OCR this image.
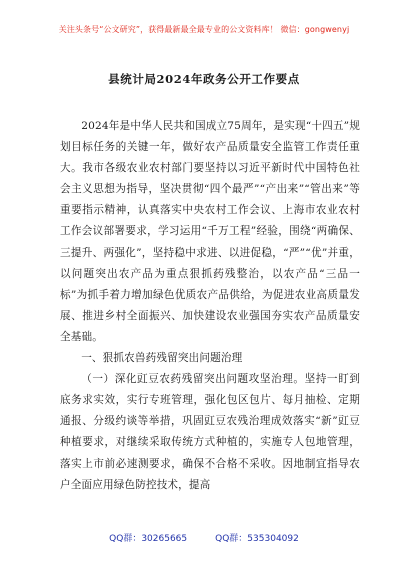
关注头条号“公文研究”，获得最新最全最专业的公文资料库！ 微信：gongwenyj
县统计局2024年政务公开工作要点

2024年是中华人民共和国成立75周年，是实现“十四五”规划目标任务的关键一年，做好农产品质量安全监管工作责任重大。我市各级农业农村部门要坚持以习近平新时代中国特色社会主义思想为指导，坚决贯彻“四个最严”“产出来”“管出来”等重要指示精神，认真落实中央农村工作会议、上海市农业农村工作会议部署要求，学习运用“千万工程”经验，围绕“两确保、三提升、两强化”，坚持稳中求进、以进促稳，“严”“优”并重，以问题突出农产品为重点狠抓药残整治，以农产品“三品一标”为抓手着力增加绿色优质农产品供给，为促进农业高质量发展、推进乡村全面振兴、加快建设农业强国夯实农产品质量安全基础。

一、狠抓农兽药残留突出问题治理

（一）深化豇豆农药残留突出问题攻坚治理。坚持一盯到底务求实效，实行专班管理，强化包区包片、每月抽检、定期通报、分级约谈等举措，巩固豇豆农残治理成效落实“新”豇豆种植要求，对继续采取传统方式种植的，实施专人包地管理，落实上市前必速测要求，确保不合格不采收。因地制宜指导农户全面应用绿色防控技术，提高

QQ群：30265665	QQ群：535304092
